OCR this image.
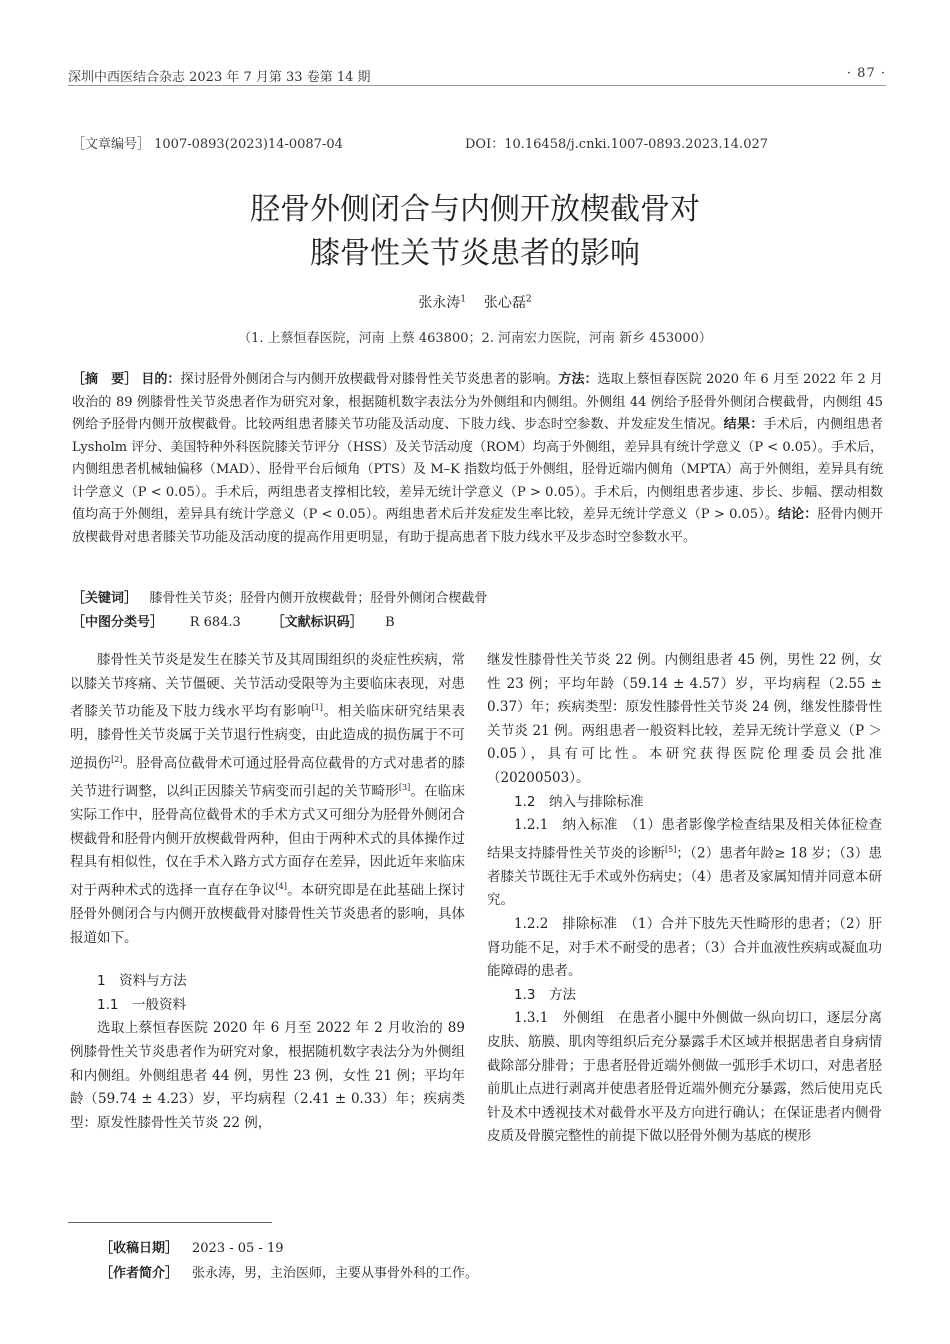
深圳中西医结合杂志 2023 年 7 月第 33 卷第 14 期	· 87 ·
［文章编号］ 1007-0893(2023)14-0087-04	DOI：10.16458/j.cnki.1007-0893.2023.14.027
胫骨外侧闭合与内侧开放楔截骨对
膝骨性关节炎患者的影响
张永涛$^1$ 张心磊$^2$
（1. 上蔡恒春医院，河南 上蔡 463800；2. 河南宏力医院，河南 新乡 453000）
［摘　要］ 目的：探讨胫骨外侧闭合与内侧开放楔截骨对膝骨性关节炎患者的影响。方法：选取上蔡恒春医院 2020 年 6 月至 2022 年 2 月收治的 89 例膝骨性关节炎患者作为研究对象，根据随机数字表法分为外侧组和内侧组。外侧组 44 例给予胫骨外侧闭合楔截骨，内侧组 45 例给予胫骨内侧开放楔截骨。比较两组患者膝关节功能及活动度、下肢力线、步态时空参数、并发症发生情况。结果：手术后，内侧组患者 Lysholm 评分、美国特种外科医院膝关节评分（HSS）及关节活动度（ROM）均高于外侧组，差异具有统计学意义（P < 0.05）。手术后，内侧组患者机械轴偏移（MAD）、胫骨平台后倾角（PTS）及 M–K 指数均低于外侧组，胫骨近端内侧角（MPTA）高于外侧组，差异具有统计学意义（P < 0.05）。手术后，两组患者支撑相比较，差异无统计学意义（P > 0.05）。手术后，内侧组患者步速、步长、步幅、摆动相数值均高于外侧组，差异具有统计学意义（P < 0.05）。两组患者术后并发症发生率比较，差异无统计学意义（P > 0.05）。结论：胫骨内侧开放楔截骨对患者膝关节功能及活动度的提高作用更明显，有助于提高患者下肢力线水平及步态时空参数水平。
［关键词］ 膝骨性关节炎；胫骨内侧开放楔截骨；胫骨外侧闭合楔截骨
［中图分类号］ R 684.3 ［文献标识码］ B

膝骨性关节炎是发生在膝关节及其周围组织的炎症性疾病，常以膝关节疼痛、关节僵硬、关节活动受限等为主要临床表现，对患者膝关节功能及下肢力线水平均有影响[1]。相关临床研究结果表明，膝骨性关节炎属于关节退行性病变，由此造成的损伤属于不可逆损伤[2]。胫骨高位截骨术可通过胫骨高位截骨的方式对患者的膝关节进行调整，以纠正因膝关节病变而引起的关节畸形[3]。在临床实际工作中，胫骨高位截骨术的手术方式又可细分为胫骨外侧闭合楔截骨和胫骨内侧开放楔截骨两种，但由于两种术式的具体操作过程具有相似性，仅在手术入路方式方面存在差异，因此近年来临床对于两种术式的选择一直存在争议[4]。本研究即是在此基础上探讨胫骨外侧闭合与内侧开放楔截骨对膝骨性关节炎患者的影响，具体报道如下。

1　资料与方法

1.1　一般资料

选取上蔡恒春医院 2020 年 6 月至 2022 年 2 月收治的 89 例膝骨性关节炎患者作为研究对象，根据随机数字表法分为外侧组和内侧组。外侧组患者 44 例，男性 23 例，女性 21 例；平均年龄（59.74 ± 4.23）岁，平均病程（2.41 ± 0.33）年；疾病类型：原发性膝骨性关节炎 22 例，

继发性膝骨性关节炎 22 例。内侧组患者 45 例，男性 22 例，女性 23 例；平均年龄（59.14 ± 4.57）岁，平均病程（2.55 ± 0.37）年；疾病类型：原发性膝骨性关节炎 24 例，继发性膝骨性关节炎 21 例。两组患者一般资料比较，差异无统计学意义（P ＞ 0.05），具有可比性。本研究获得医院伦理委员会批准（20200503）。

1.2　纳入与排除标准

1.2.1　纳入标准　（1）患者影像学检查结果及相关体征检查结果支持膝骨性关节炎的诊断[5]；（2）患者年龄≥ 18 岁；（3）患者膝关节既往无手术或外伤病史；（4）患者及家属知情并同意本研究。

1.2.2　排除标准　（1）合并下肢先天性畸形的患者；（2）肝肾功能不足，对手术不耐受的患者；（3）合并血液性疾病或凝血功能障碍的患者。

1.3　方法

1.3.1　外侧组　在患者小腿中外侧做一纵向切口，逐层分离皮肤、筋膜、肌肉等组织后充分暴露手术区域并根据患者自身病情截除部分腓骨；于患者胫骨近端外侧做一弧形手术切口，对患者胫前肌止点进行剥离并使患者胫骨近端外侧充分暴露，然后使用克氏针及术中透视技术对截骨水平及方向进行确认；在保证患者内侧骨皮质及骨膜完整性的前提下做以胫骨外侧为基底的楔形

［收稿日期］ 2023 - 05 - 19
［作者简介］ 张永涛，男，主治医师，主要从事骨外科的工作。
